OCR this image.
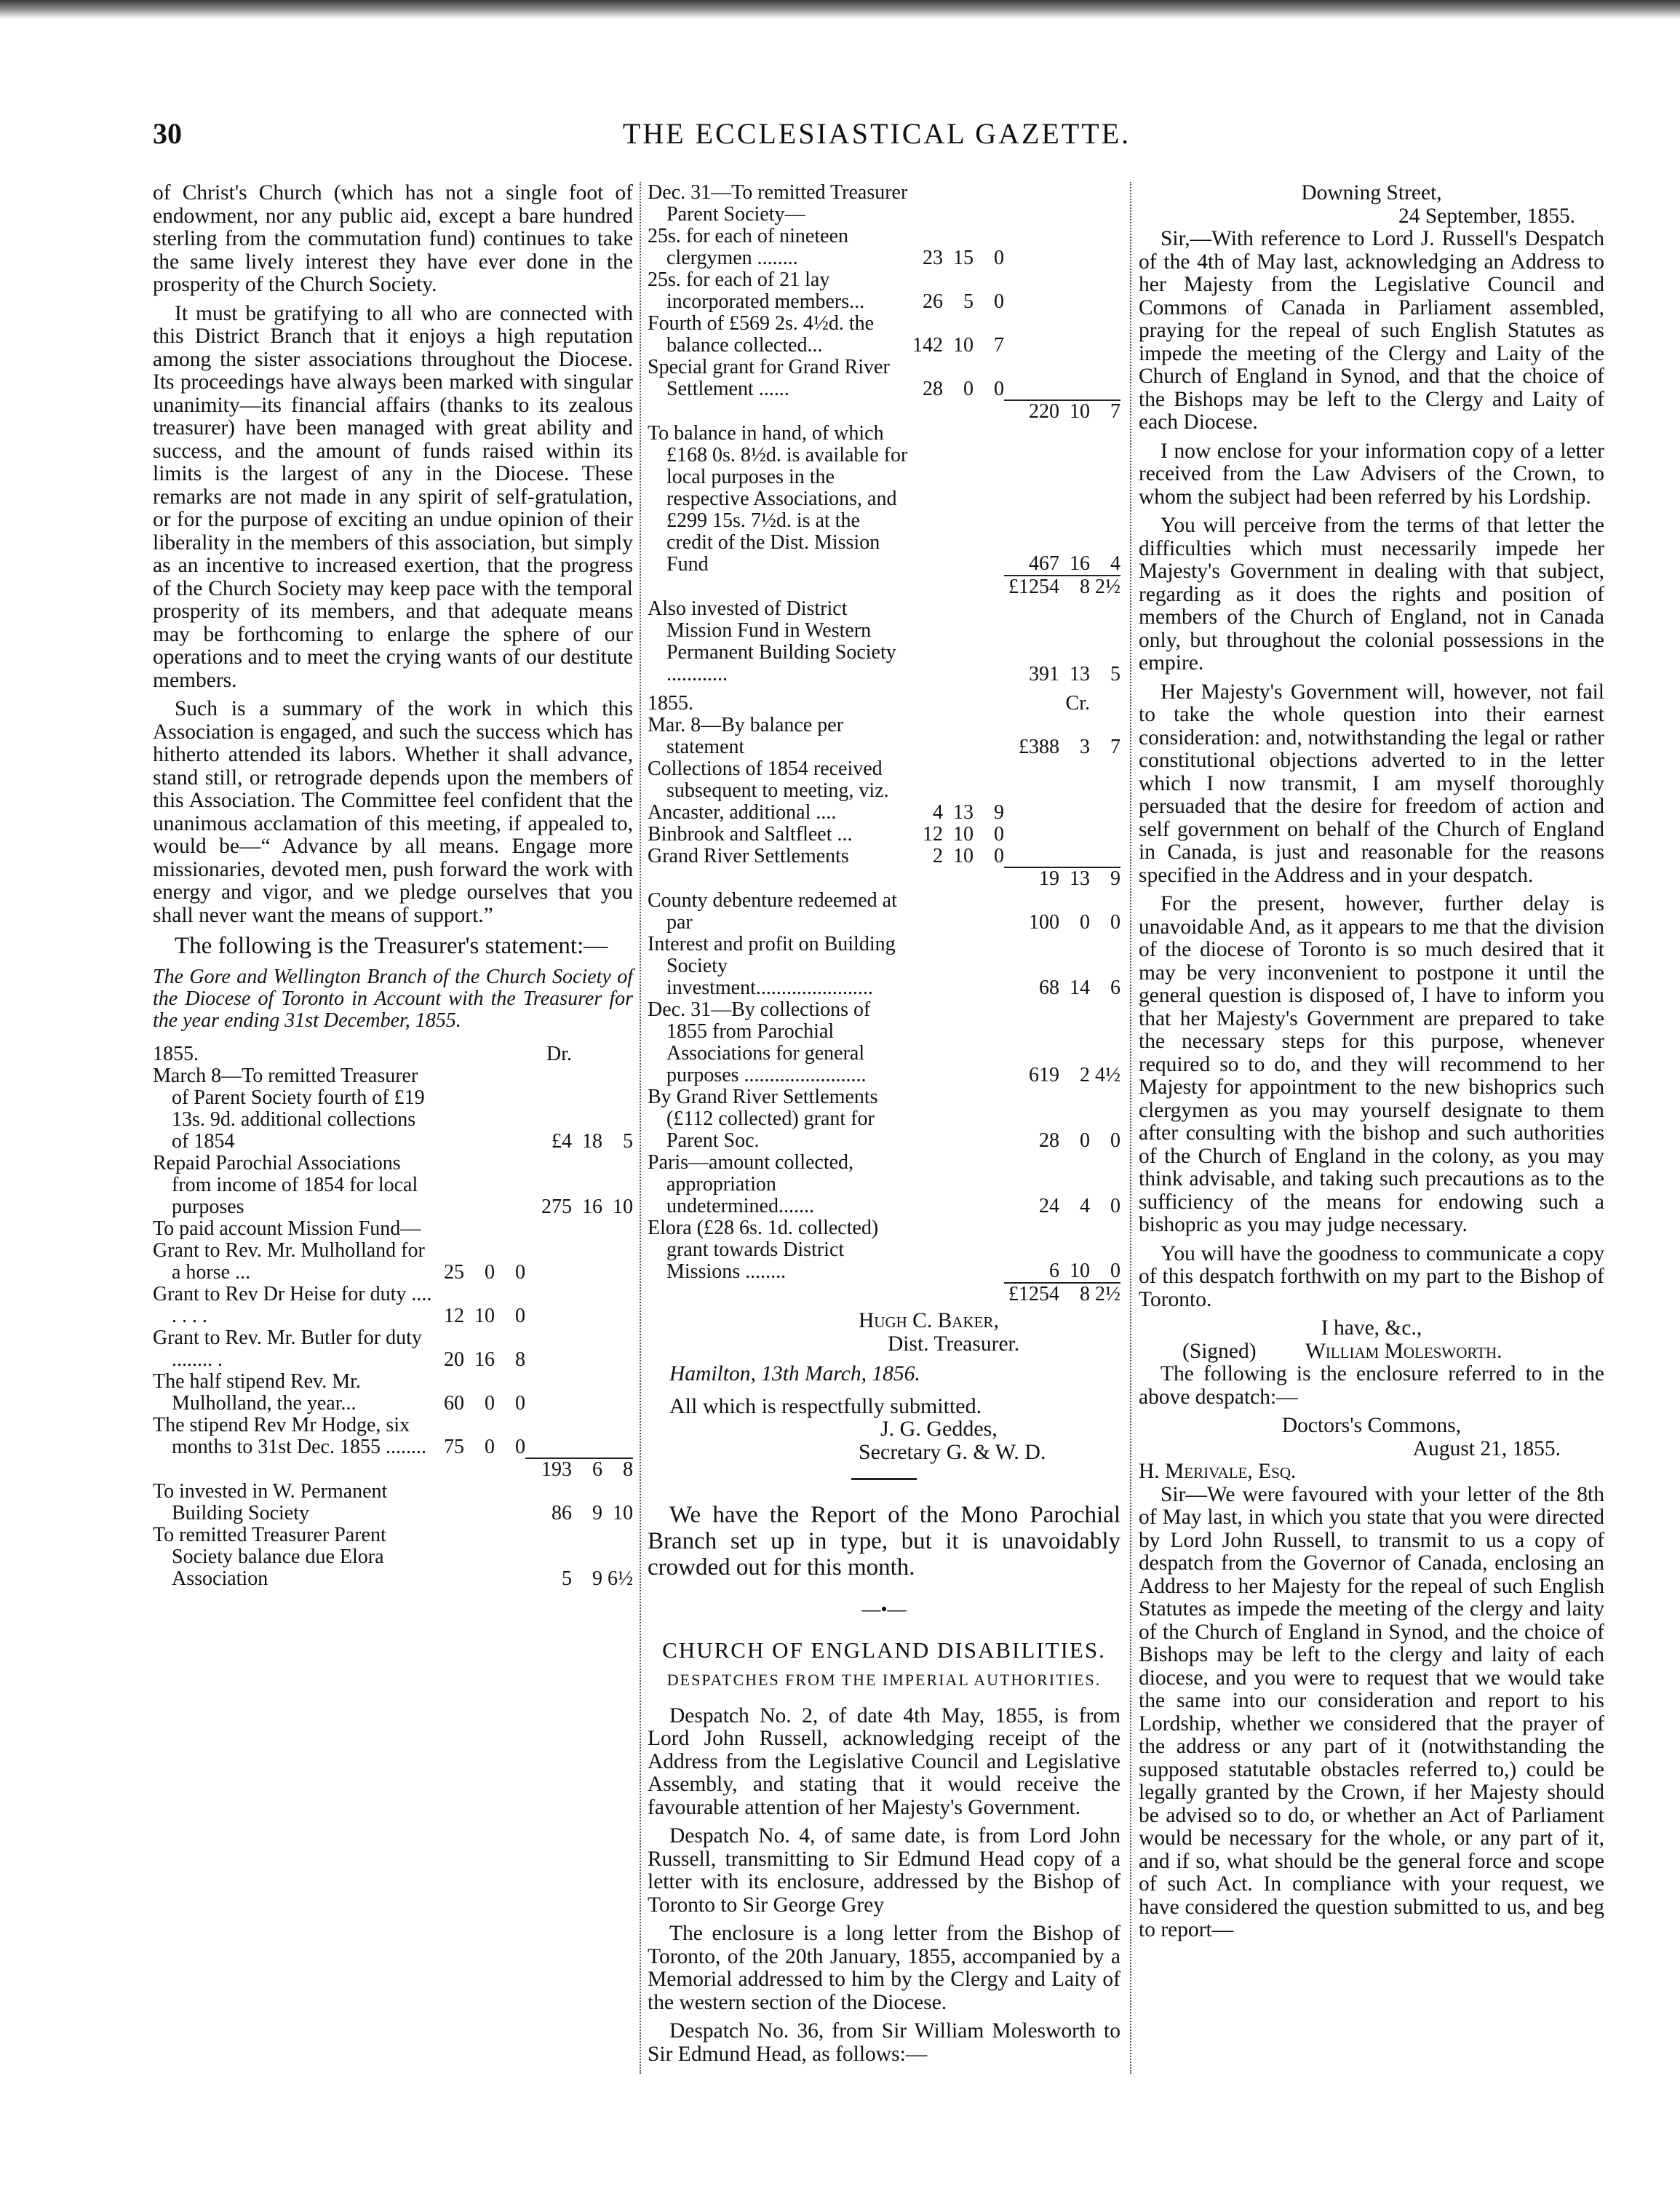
30	THE ECCLESIASTICAL GAZETTE.

of Christ's Church (which has not a single foot of endowment, nor any public aid, except a bare hundred sterling from the commutation fund) continues to take the same lively interest they have ever done in the prosperity of the Church Society.

It must be gratifying to all who are connected with this District Branch that it enjoys a high reputation among the sister associations throughout the Diocese. Its proceedings have always been marked with singular unanimity—its financial affairs (thanks to its zealous treasurer) have been managed with great ability and success, and the amount of funds raised within its limits is the largest of any in the Diocese. These remarks are not made in any spirit of self-gratulation, or for the purpose of exciting an undue opinion of their liberality in the members of this association, but simply as an incentive to increased exertion, that the progress of the Church Society may keep pace with the temporal prosperity of its members, and that adequate means may be forthcoming to enlarge the sphere of our operations and to meet the crying wants of our destitute members.

Such is a summary of the work in which this Association is engaged, and such the success which has hitherto attended its labors. Whether it shall advance, stand still, or retrograde depends upon the members of this Association. The Committee feel confident that the unanimous acclamation of this meeting, if appealed to, would be—“ Advance by all means. Engage more missionaries, devoted men, push forward the work with energy and vigor, and we pledge ourselves that you shall never want the means of support.”

The following is the Treasurer's statement:—

The Gore and Wellington Branch of the Church Society of the Diocese of Toronto in Account with the Treasurer for the year ending 31st December, 1855.
1855.				Dr.		
March 8—To remitted Treasurer of Parent Society fourth of £19 13s. 9d. additional collections of 1854				£4	18	5
Repaid Parochial Associations from income of 1854 for local purposes				275	16	10
To paid account Mission Fund—						
Grant to Rev. Mr. Mulholland for a horse ...	25	0	0			
Grant to Rev Dr Heise for duty .... . . . .	12	10	0			
Grant to Rev. Mr. Butler for duty ........ .	20	16	8			
The half stipend Rev. Mr. Mulholland, the year...	60	0	0			
The stipend Rev Mr Hodge, six months to 31st Dec. 1855 ........	75	0	0			
				193	6	8
To invested in W. Permanent Building Society				86	9	10
To remitted Treasurer Parent Society balance due Elora Association				5	9	6½
Dec. 31—To remitted Treasurer Parent Society—						
25s. for each of nineteen clergymen ........	23	15	0			
25s. for each of 21 lay incorporated members...	26	5	0			
Fourth of £569 2s. 4½d. the balance collected...	142	10	7			
Special grant for Grand River Settlement ......	28	0	0			
				220	10	7
To balance in hand, of which £168 0s. 8½d. is available for local purposes in the respective Associations, and £299 15s. 7½d. is at the credit of the Dist. Mission Fund				467	16	4
				£1254	8	2½
Also invested of District Mission Fund in Western Permanent Building Society ............				391	13	5
1855.					Cr.	
Mar. 8—By balance per statement				£388	3	7
Collections of 1854 received subsequent to meeting, viz.						
Ancaster, additional ....	4	13	9			
Binbrook and Saltfleet ...	12	10	0			
Grand River Settlements	2	10	0			
				19	13	9
County debenture redeemed at par				100	0	0
Interest and profit on Building Society investment.......................				68	14	6
Dec. 31—By collections of 1855 from Parochial Associations for general purposes ........................				619	2	4½
By Grand River Settlements (£112 collected) grant for Parent Soc.				28	0	0
Paris—amount collected, appropriation undetermined.......				24	4	0
Elora (£28 6s. 1d. collected) grant towards District Missions ........				6	10	0
				£1254	8	2½
Hugh C. Baker,
Dist. Treasurer.
Hamilton, 13th March, 1856.
All which is respectfully submitted.
J. G. Geddes,
Secretary G. & W. D.

We have the Report of the Mono Parochial Branch set up in type, but it is unavoidably crowded out for this month.

—•—
CHURCH OF ENGLAND DISABILITIES.
DESPATCHES FROM THE IMPERIAL AUTHORITIES.

Despatch No. 2, of date 4th May, 1855, is from Lord John Russell, acknowledging receipt of the Address from the Legislative Council and Legislative Assembly, and stating that it would receive the favourable attention of her Majesty's Government.

Despatch No. 4, of same date, is from Lord John Russell, transmitting to Sir Edmund Head copy of a letter with its enclosure, addressed by the Bishop of Toronto to Sir George Grey

The enclosure is a long letter from the Bishop of Toronto, of the 20th January, 1855, accompanied by a Memorial addressed to him by the Clergy and Laity of the western section of the Diocese.

Despatch No. 36, from Sir William Molesworth to Sir Edmund Head, as follows:—

Downing Street,
24 September, 1855.

Sir,—With reference to Lord J. Russell's Despatch of the 4th of May last, acknowledging an Address to her Majesty from the Legislative Council and Commons of Canada in Parliament assembled, praying for the repeal of such English Statutes as impede the meeting of the Clergy and Laity of the Church of England in Synod, and that the choice of the Bishops may be left to the Clergy and Laity of each Diocese.

I now enclose for your information copy of a letter received from the Law Advisers of the Crown, to whom the subject had been referred by his Lordship.

You will perceive from the terms of that letter the difficulties which must necessarily impede her Majesty's Government in dealing with that subject, regarding as it does the rights and position of members of the Church of England, not in Canada only, but throughout the colonial possessions in the empire.

Her Majesty's Government will, however, not fail to take the whole question into their earnest consideration: and, notwithstanding the legal or rather constitutional objections adverted to in the letter which I now transmit, I am myself thoroughly persuaded that the desire for freedom of action and self government on behalf of the Church of England in Canada, is just and reasonable for the reasons specified in the Address and in your despatch.

For the present, however, further delay is unavoidable And, as it appears to me that the division of the diocese of Toronto is so much desired that it may be very inconvenient to postpone it until the general question is disposed of, I have to inform you that her Majesty's Government are prepared to take the necessary steps for this purpose, whenever required so to do, and they will recommend to her Majesty for appointment to the new bishoprics such clergymen as you may yourself designate to them after consulting with the bishop and such authorities of the Church of England in the colony, as you may think advisable, and taking such precautions as to the sufficiency of the means for endowing such a bishopric as you may judge necessary.

You will have the goodness to communicate a copy of this despatch forthwith on my part to the Bishop of Toronto.

I have, &c.,
(Signed) William Molesworth.

The following is the enclosure referred to in the above despatch:—

Doctors's Commons,
August 21, 1855.
H. Merivale, Esq.

Sir—We were favoured with your letter of the 8th of May last, in which you state that you were directed by Lord John Russell, to transmit to us a copy of despatch from the Governor of Canada, enclosing an Address to her Majesty for the repeal of such English Statutes as impede the meeting of the clergy and laity of the Church of England in Synod, and the choice of Bishops may be left to the clergy and laity of each diocese, and you were to request that we would take the same into our consideration and report to his Lordship, whether we considered that the prayer of the address or any part of it (notwithstanding the supposed statutable obstacles referred to,) could be legally granted by the Crown, if her Majesty should be advised so to do, or whether an Act of Parliament would be necessary for the whole, or any part of it, and if so, what should be the general force and scope of such Act. In compliance with your request, we have considered the question submitted to us, and beg to report—
